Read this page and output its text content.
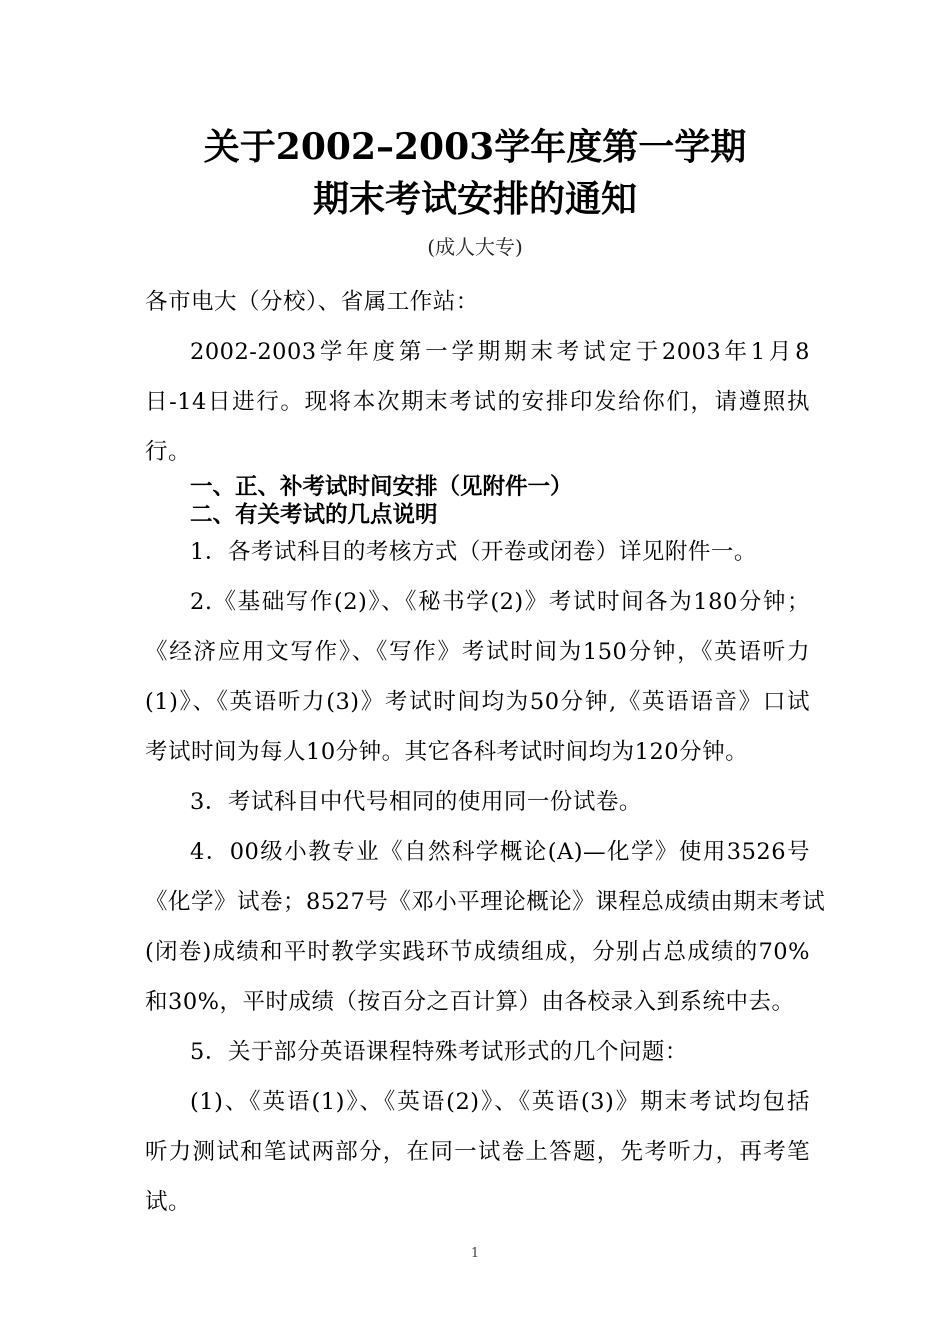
关于2002–2003学年度第一学期
期末考试安排的通知
(成人大专)
各市电大（分校）、省属工作站：
2002-2003学年度第一学期期末考试定于2003年1月8
日-14日进行。现将本次期末考试的安排印发给你们，请遵照执
行。
一、正、补考试时间安排（见附件一）
二、有关考试的几点说明
1．各考试科目的考核方式（开卷或闭卷）详见附件一。
2.《基础写作(2)》、《秘书学(2)》考试时间各为180分钟；
《经济应用文写作》、《写作》考试时间为150分钟，《英语听力
(1)》、《英语听力(3)》考试时间均为50分钟,《英语语音》口试
考试时间为每人10分钟。其它各科考试时间均为120分钟。
3．考试科目中代号相同的使用同一份试卷。
4．00级小教专业《自然科学概论(A)—化学》使用3526号
《化学》试卷；8527号《邓小平理论概论》课程总成绩由期末考试
(闭卷)成绩和平时教学实践环节成绩组成，分别占总成绩的70%
和30%，平时成绩（按百分之百计算）由各校录入到系统中去。
5．关于部分英语课程特殊考试形式的几个问题：
(1)、《英语(1)》、《英语(2)》、《英语(3)》期末考试均包括
听力测试和笔试两部分，在同一试卷上答题，先考听力，再考笔
试。
1
